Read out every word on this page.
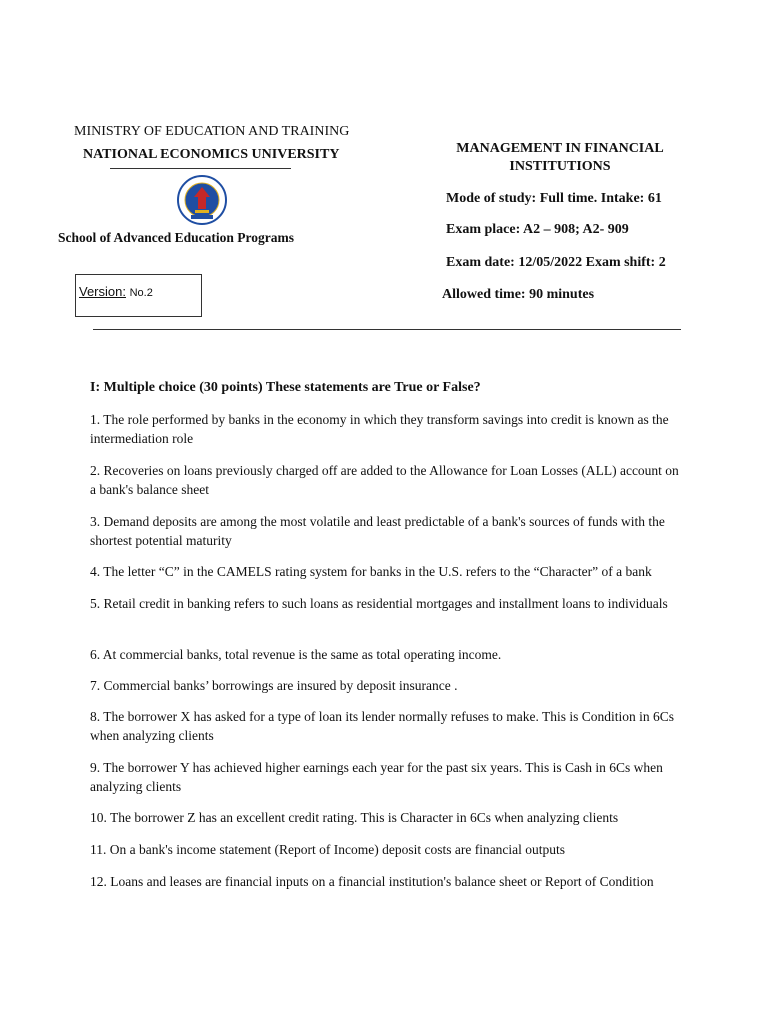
MINISTRY OF EDUCATION AND TRAINING
NATIONAL ECONOMICS UNIVERSITY
School of Advanced Education Programs
Version: No.2
MANAGEMENT IN FINANCIAL
INSTITUTIONS
Mode of study: Full time. Intake: 61
Exam place: A2 – 908; A2- 909
Exam date: 12/05/2022 Exam shift: 2
Allowed time: 90 minutes
I: Multiple choice (30 points) These statements are True or False?
1. The role performed by banks in the economy in which they transform savings into credit is known as the intermediation role
2. Recoveries on loans previously charged off are added to the Allowance for Loan Losses (ALL) account on a bank's balance sheet
3. Demand deposits are among the most volatile and least predictable of a bank's sources of funds with the shortest potential maturity
4. The letter “C” in the CAMELS rating system for banks in the U.S. refers to the “Character” of a bank
5. Retail credit in banking refers to such loans as residential mortgages and installment loans to individuals
6. At commercial banks, total revenue is the same as total operating income.
7. Commercial banks’ borrowings are insured by deposit insurance .
8. The borrower X has asked for a type of loan its lender normally refuses to make. This is Condition in 6Cs when analyzing clients
9. The borrower Y has achieved higher earnings each year for the past six years. This is Cash in 6Cs when analyzing clients
10. The borrower Z has an excellent credit rating. This is Character in 6Cs when analyzing clients
11. On a bank's income statement (Report of Income) deposit costs are financial outputs
12. Loans and leases are financial inputs on a financial institution's balance sheet or Report of Condition
